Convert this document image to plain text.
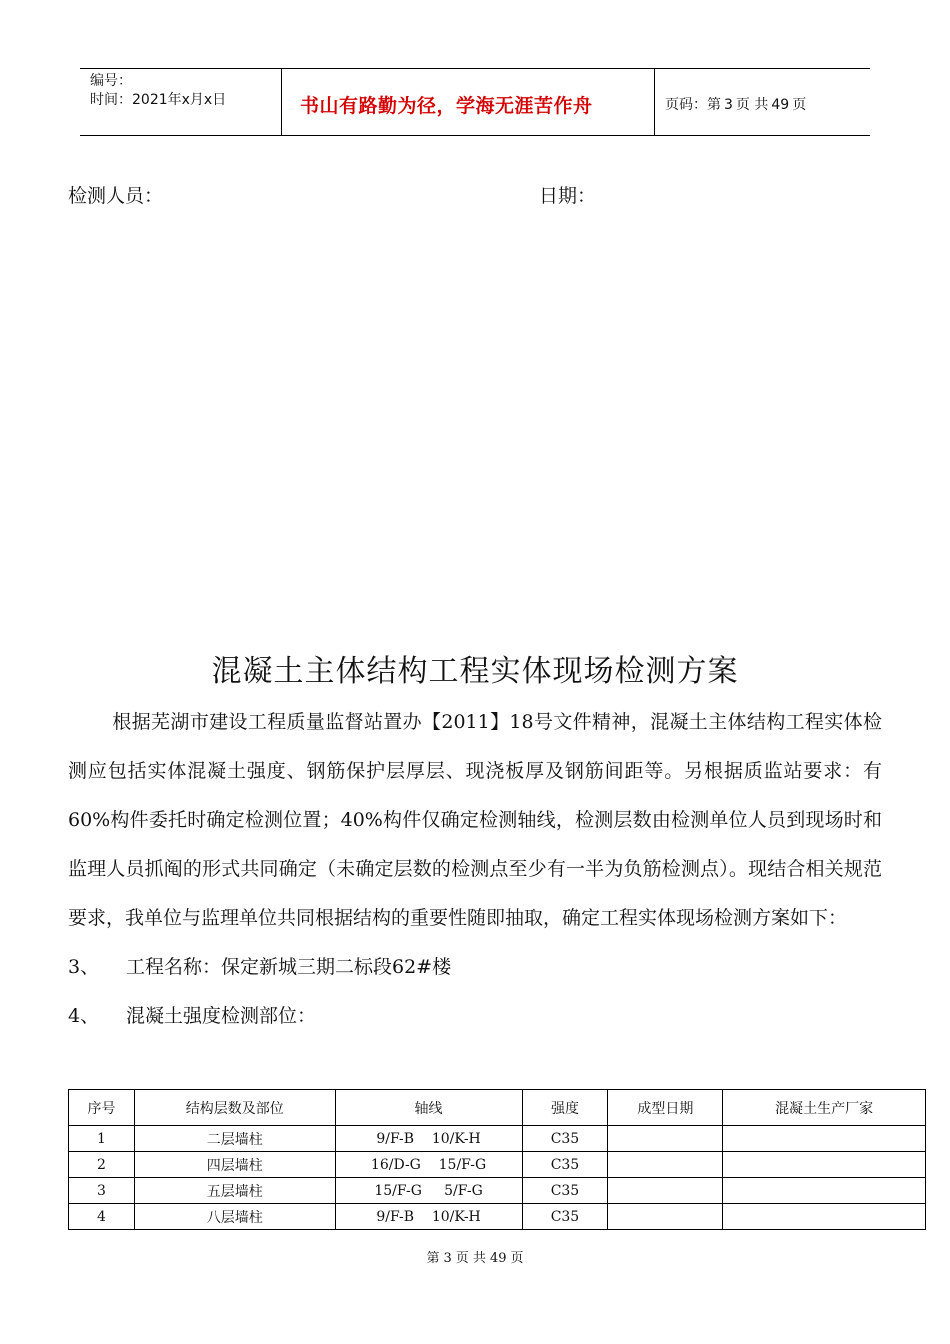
编号：
时间：2021年x月x日	书山有路勤为径，学海无涯苦作舟	页码：第 3 页 共 49 页
检测人员：	日期：
混凝土主体结构工程实体现场检测方案
根据芜湖市建设工程质量监督站置办【2011】18号文件精神，混凝土主体结构工程实体检测应包括实体混凝土强度、钢筋保护层厚层、现浇板厚及钢筋间距等。另根据质监站要求：有60%构件委托时确定检测位置；40%构件仅确定检测轴线，检测层数由检测单位人员到现场时和监理人员抓阄的形式共同确定（未确定层数的检测点至少有一半为负筋检测点）。现结合相关规范要求，我单位与监理单位共同根据结构的重要性随即抽取，确定工程实体现场检测方案如下：
3、 工程名称：保定新城三期二标段62#楼
4、 混凝土强度检测部位：
序号	结构层数及部位	轴线	强度	成型日期	混凝土生产厂家
1	二层墙柱	9/F-B    10/K-H	C35		
2	四层墙柱	16/D-G    15/F-G	C35		
3	五层墙柱	15/F-G     5/F-G	C35		
4	八层墙柱	9/F-B    10/K-H	C35		
第 3 页 共 49 页
